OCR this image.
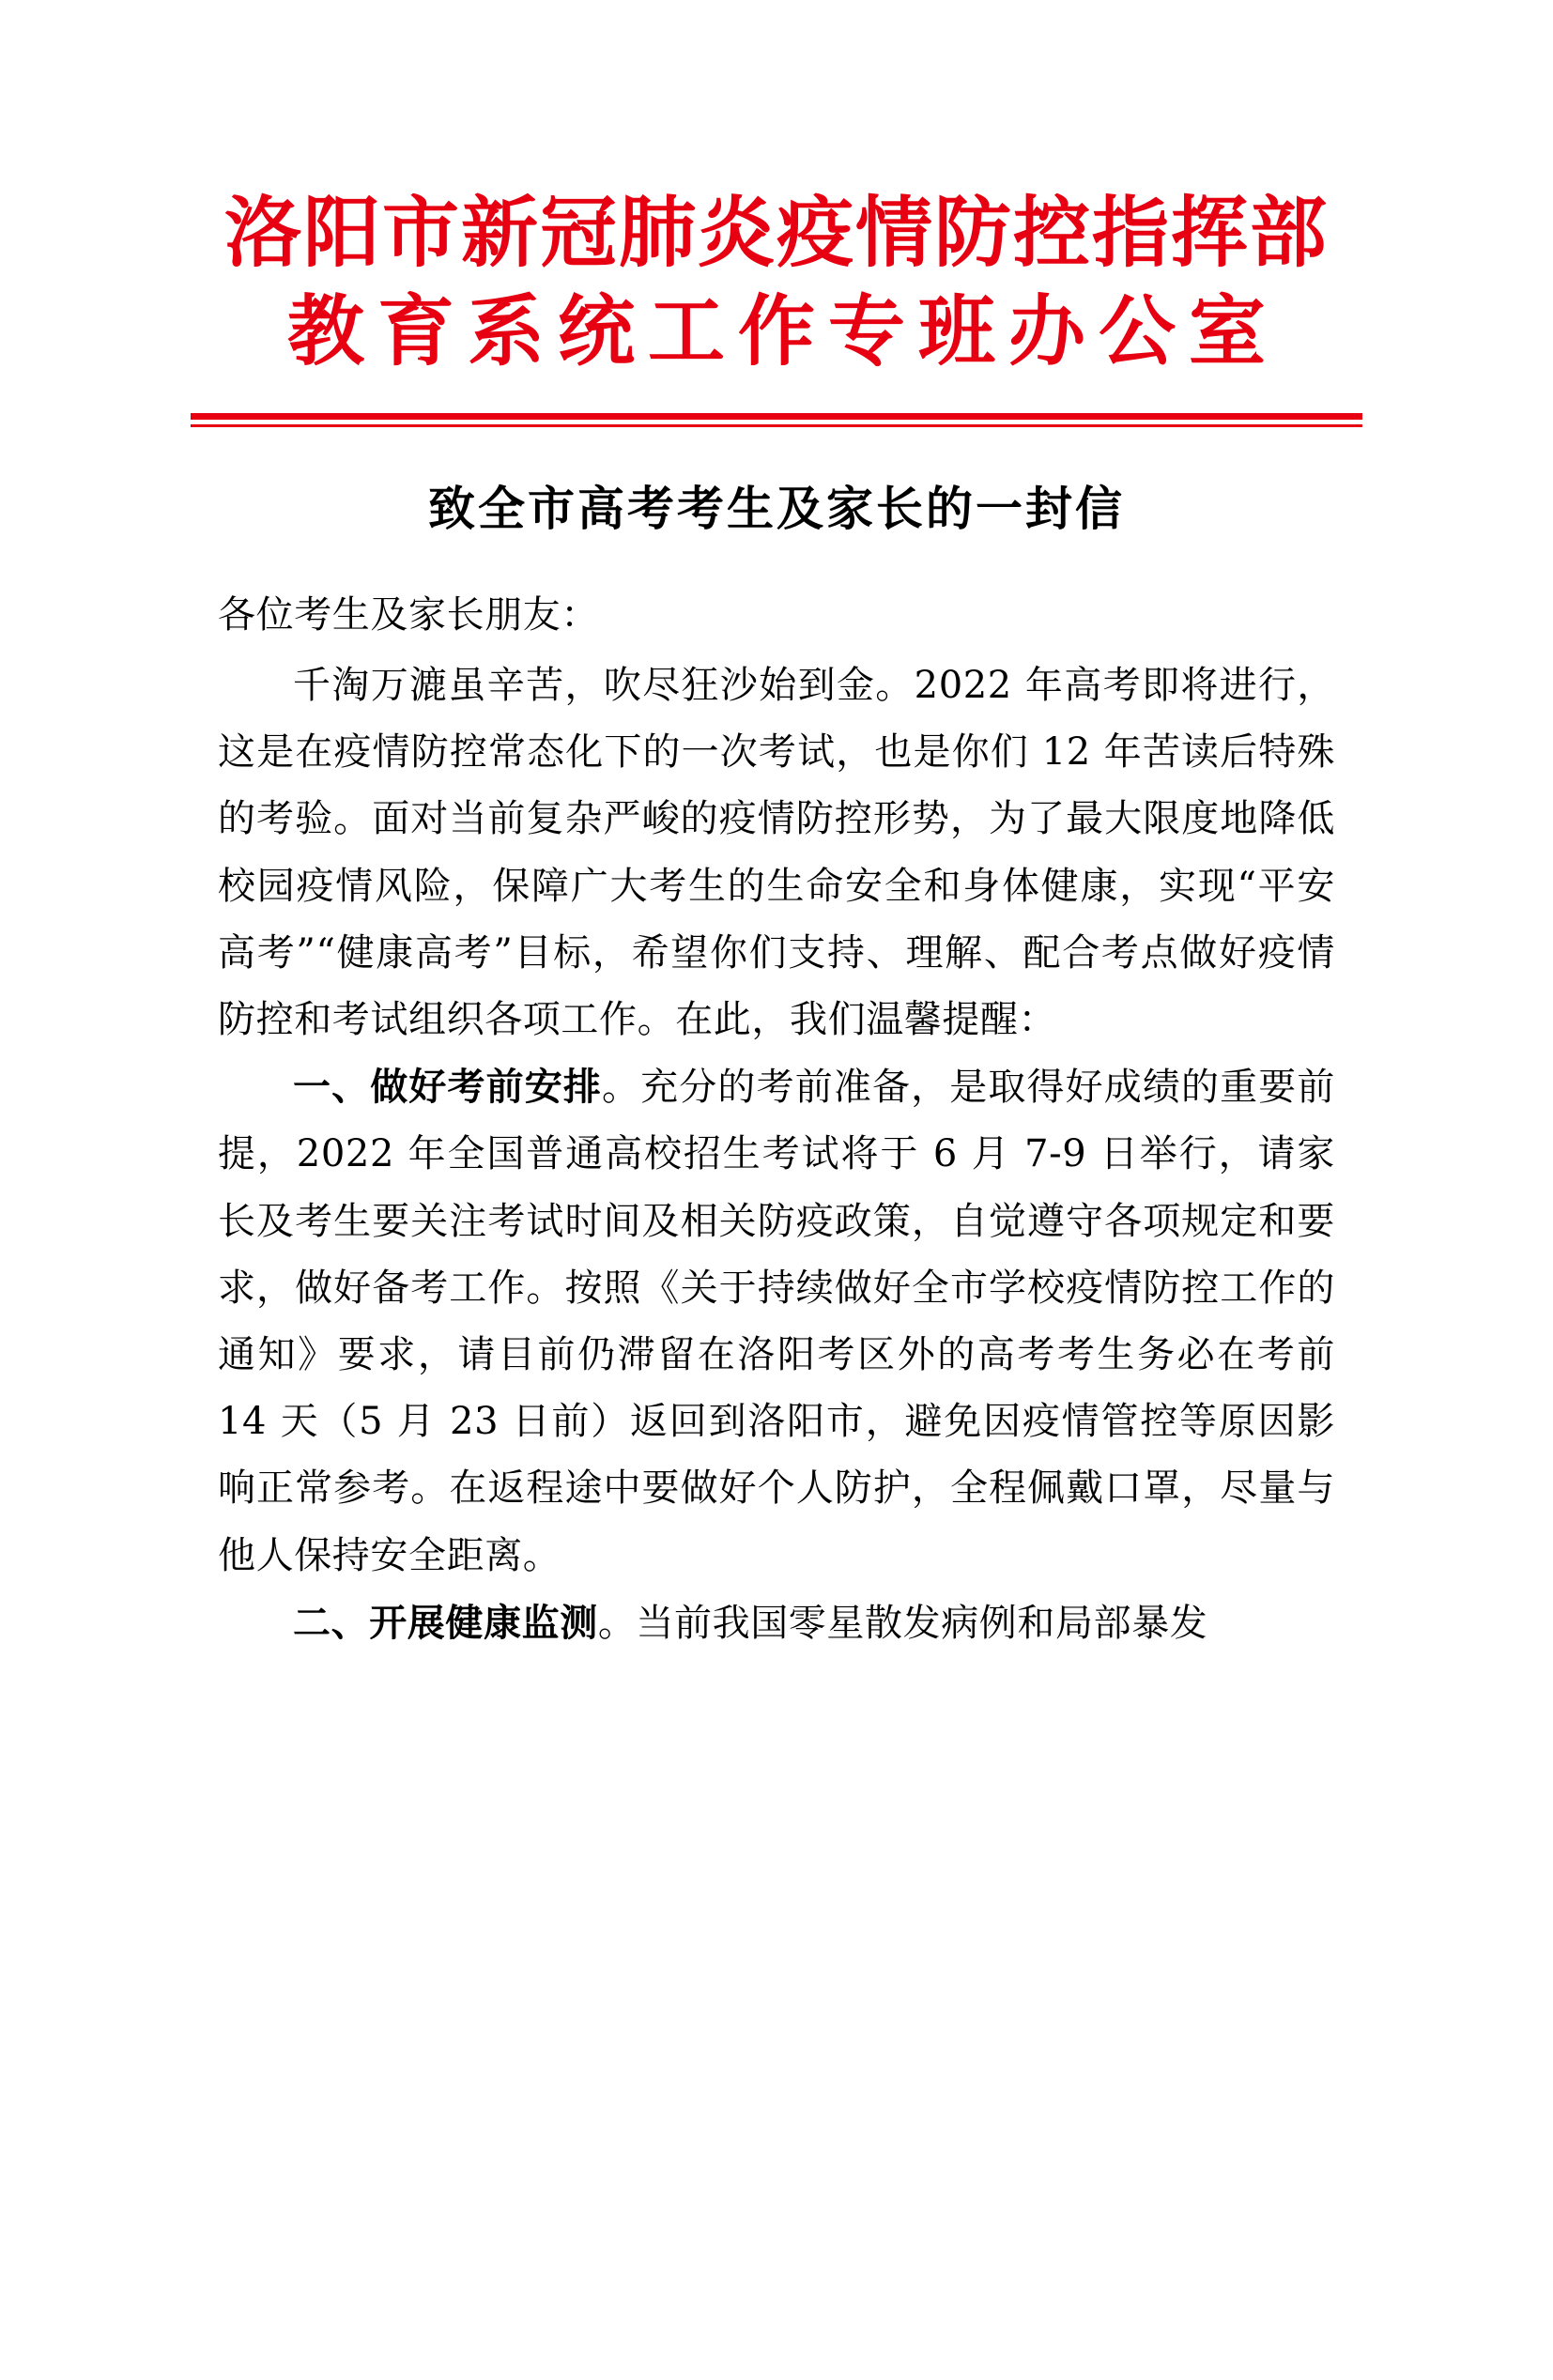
洛阳市新冠肺炎疫情防控指挥部
教育系统工作专班办公室
致全市高考考生及家长的一封信

各位考生及家长朋友：

千淘万漉虽辛苦，吹尽狂沙始到金。2022 年高考即将进行，这是在疫情防控常态化下的一次考试，也是你们 12 年苦读后特殊的考验。面对当前复杂严峻的疫情防控形势，为了最大限度地降低校园疫情风险，保障广大考生的生命安全和身体健康，实现“平安高考”“健康高考”目标，希望你们支持、理解、配合考点做好疫情防控和考试组织各项工作。在此，我们温馨提醒：

一、做好考前安排。充分的考前准备，是取得好成绩的重要前提，2022 年全国普通高校招生考试将于 6 月 7-9 日举行，请家长及考生要关注考试时间及相关防疫政策，自觉遵守各项规定和要求，做好备考工作。按照《关于持续做好全市学校疫情防控工作的通知》要求，请目前仍滞留在洛阳考区外的高考考生务必在考前 14 天（5 月 23 日前）返回到洛阳市，避免因疫情管控等原因影响正常参考。在返程途中要做好个人防护，全程佩戴口罩，尽量与他人保持安全距离。

二、开展健康监测。当前我国零星散发病例和局部暴发
